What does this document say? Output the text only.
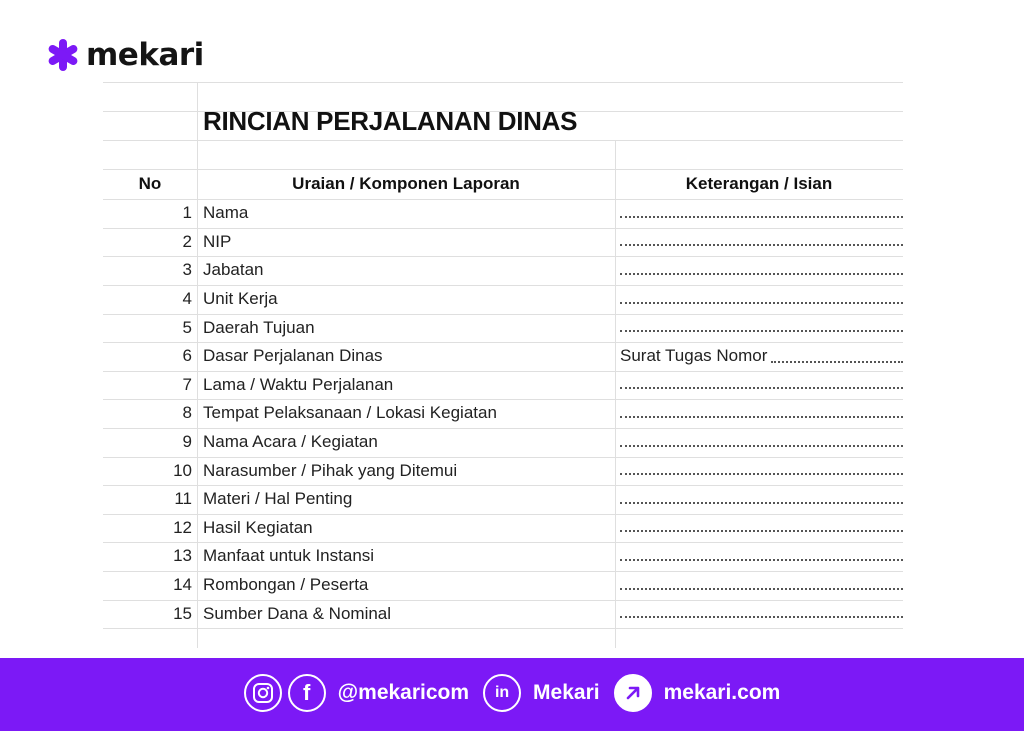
mekari
RINCIAN PERJALANAN DINAS
No	Uraian / Komponen Laporan	Keterangan / Isian
1 Nama
2 NIP
3 Jabatan
4 Unit Kerja
5 Daerah Tujuan
6 Dasar Perjalanan Dinas	Surat Tugas Nomor
7 Lama / Waktu Perjalanan
8 Tempat Pelaksanaan / Lokasi Kegiatan
9 Nama Acara / Kegiatan
10 Narasumber / Pihak yang Ditemui
11 Materi / Hal Penting
12 Hasil Kegiatan
13 Manfaat untuk Instansi
14 Rombongan / Peserta
15 Sumber Dana & Nominal
f	@mekaricom	in	Mekari	mekari.com
